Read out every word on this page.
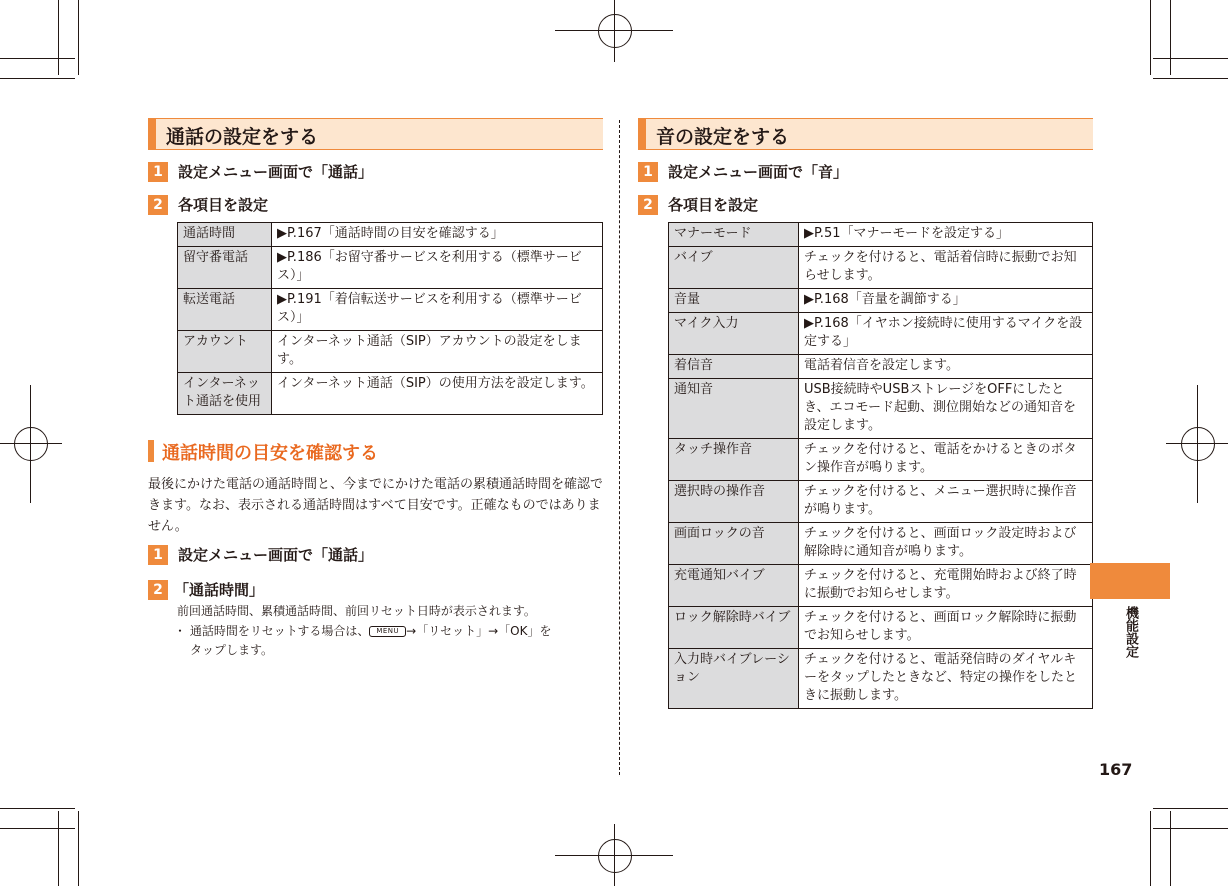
通話の設定をする
1	設定メニュー画面で「通話」
2	各項目を設定
通話時間	▶P.167「通話時間の目安を確認する」
留守番電話	▶P.186「お留守番サービスを利用する（標準サービス）」
転送電話	▶P.191「着信転送サービスを利用する（標準サービス）」
アカウント	インターネット通話（SIP）アカウントの設定をします。
インターネット通話を使用	インターネット通話（SIP）の使用方法を設定します。
通話時間の目安を確認する
最後にかけた電話の通話時間と、今までにかけた電話の累積通話時間を確認できます。なお、表示される通話時間はすべて目安です。正確なものではありません。
1	設定メニュー画面で「通話」
2 「通話時間」
前回通話時間、累積通話時間、前回リセット日時が表示されます。
・ 通話時間をリセットする場合は、 MENU →「リセット」→「OK」を
タップします。
音の設定をする
1	設定メニュー画面で「音」
2	各項目を設定
マナーモード	▶P.51「マナーモードを設定する」
バイブ	チェックを付けると、電話着信時に振動でお知らせします。
音量	▶P.168「音量を調節する」
マイク入力	▶P.168「イヤホン接続時に使用するマイクを設定する」
着信音	電話着信音を設定します。
通知音	USB接続時やUSBストレージをOFFにしたとき、エコモード起動、測位開始などの通知音を設定します。
タッチ操作音	チェックを付けると、電話をかけるときのボタン操作音が鳴ります。
選択時の操作音	チェックを付けると、メニュー選択時に操作音が鳴ります。
画面ロックの音	チェックを付けると、画面ロック設定時および解除時に通知音が鳴ります。
充電通知バイブ	チェックを付けると、充電開始時および終了時に振動でお知らせします。
ロック解除時バイブ	チェックを付けると、画面ロック解除時に振動でお知らせします。
入力時バイブレーション	チェックを付けると、電話発信時のダイヤルキーをタップしたときなど、特定の操作をしたときに振動します。
機能設定
167
